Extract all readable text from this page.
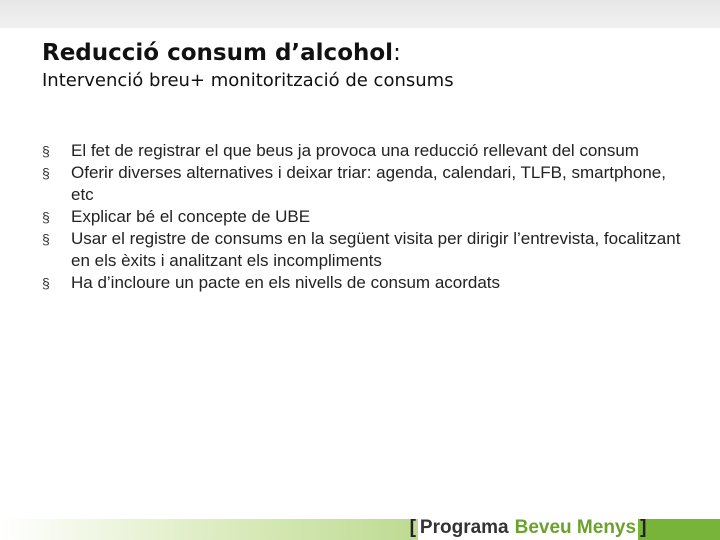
Reducció consum d’alcohol:
Intervenció breu+ monitorització de consums
§ El fet de registrar el que beus ja provoca una reducció rellevant del consum
§ Oferir diverses alternatives i deixar triar: agenda, calendari, TLFB, smartphone, etc
§ Explicar bé el concepte de UBE
§ Usar el registre de consums en la següent visita per dirigir l’entrevista, focalitzant en els èxits i analitzant els incompliments
§ Ha d’incloure un pacte en els nivells de consum acordats
[ Programa Beveu Menys ]
